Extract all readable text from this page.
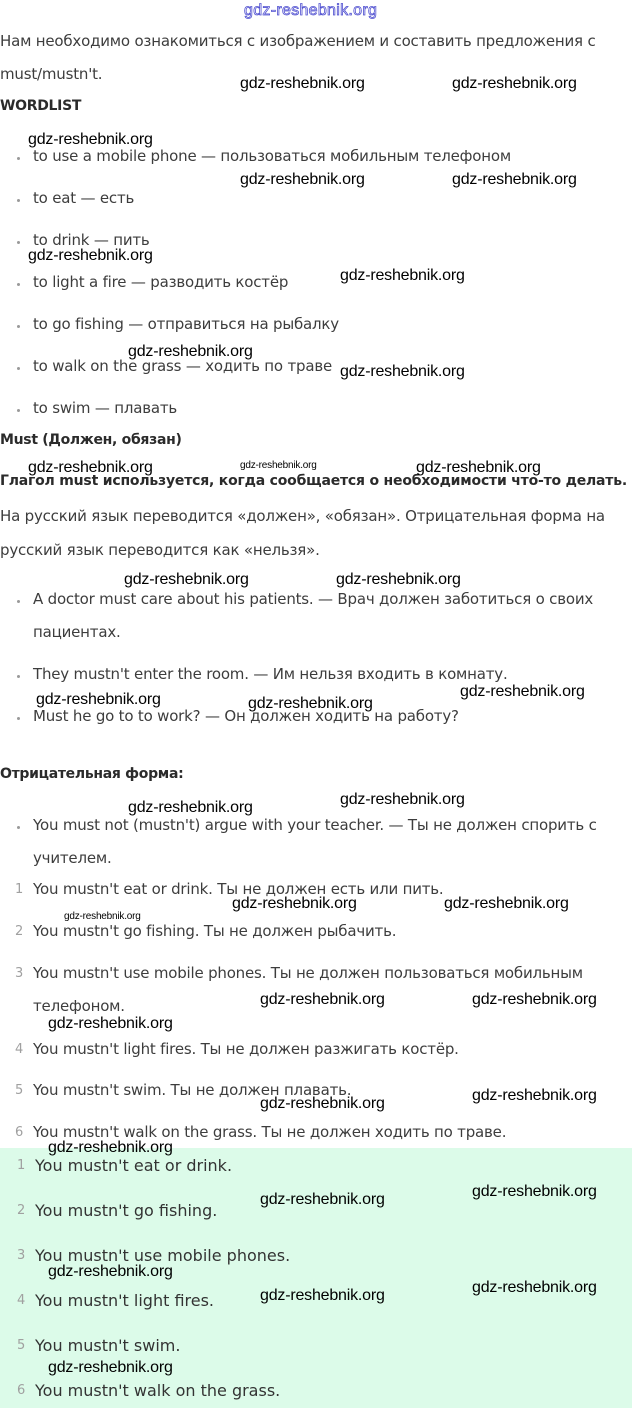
gdz-reshebnik.org
Нам необходимо ознакомиться с изображением и составить предложения с
must/mustn't.
WORDLIST
to use a mobile phone — пользоваться мобильным телефоном
to eat — есть
to drink — пить
to light a fire — разводить костёр
to go fishing — отправиться на рыбалку
to walk on the grass — ходить по траве
to swim — плавать
Must (Должен, обязан)
Глагол must используется, когда сообщается о необходимости что-то делать.
На русский язык переводится «должен», «обязан». Отрицательная форма на
русский язык переводится как «нельзя».
A doctor must care about his patients. — Врач должен заботиться о своих
пациентах.
They mustn't enter the room. — Им нельзя входить в комнату.
Must he go to to work? — Он должен ходить на работу?
Отрицательная форма:
You must not (mustn't) argue with your teacher. — Ты не должен спорить с
учителем.
1 You mustn't eat or drink. Ты не должен есть или пить.
2 You mustn't go fishing. Ты не должен рыбачить.
3 You mustn't use mobile phones. Ты не должен пользоваться мобильным
телефоном.
4 You mustn't light fires. Ты не должен разжигать костёр.
5 You mustn't swim. Ты не должен плавать.
6 You mustn't walk on the grass. Ты не должен ходить по траве.
1 You mustn't eat or drink.
2 You mustn't go fishing.
3 You mustn't use mobile phones.
4 You mustn't light fires.
5 You mustn't swim.
6 You mustn't walk on the grass.
gdz-reshebnik.org	gdz-reshebnik.org
gdz-reshebnik.org
gdz-reshebnik.org	gdz-reshebnik.org
gdz-reshebnik.org
gdz-reshebnik.org
gdz-reshebnik.org
gdz-reshebnik.org
gdz-reshebnik.org	gdz-reshebnik.org	gdz-reshebnik.org
gdz-reshebnik.org	gdz-reshebnik.org
gdz-reshebnik.org
gdz-reshebnik.org	gdz-reshebnik.org
gdz-reshebnik.org
gdz-reshebnik.org
gdz-reshebnik.org	gdz-reshebnik.org
gdz-reshebnik.org
gdz-reshebnik.org	gdz-reshebnik.org
gdz-reshebnik.org
gdz-reshebnik.org
gdz-reshebnik.org
gdz-reshebnik.org
gdz-reshebnik.org
gdz-reshebnik.org
gdz-reshebnik.org
gdz-reshebnik.org
gdz-reshebnik.org
gdz-reshebnik.org
